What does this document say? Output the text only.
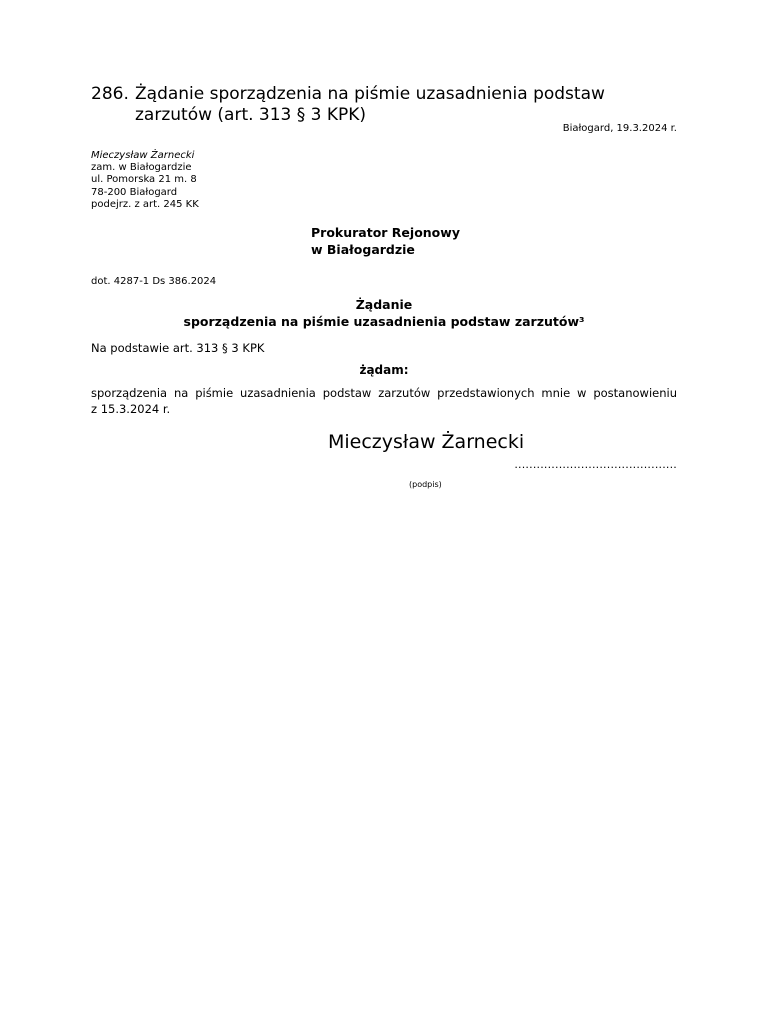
286. Żądanie sporządzenia na piśmie uzasadnienia podstaw
zarzutów (art. 313 § 3 KPK)
Białogard, 19.3.2024 r.
Mieczysław Żarnecki
zam. w Białogardzie
ul. Pomorska 21 m. 8
78-200 Białogard
podejrz. z art. 245 KK
Prokurator Rejonowy
w Białogardzie
dot. 4287-1 Ds 386.2024
Żądanie
sporządzenia na piśmie uzasadnienia podstaw zarzutów³
Na podstawie art. 313 § 3 KPK
żądam:
sporządzenia na piśmie uzasadnienia podstaw zarzutów przedstawionych mnie w postanowieniu
z 15.3.2024 r.
Mieczysław Żarnecki
............................................
(podpis)
